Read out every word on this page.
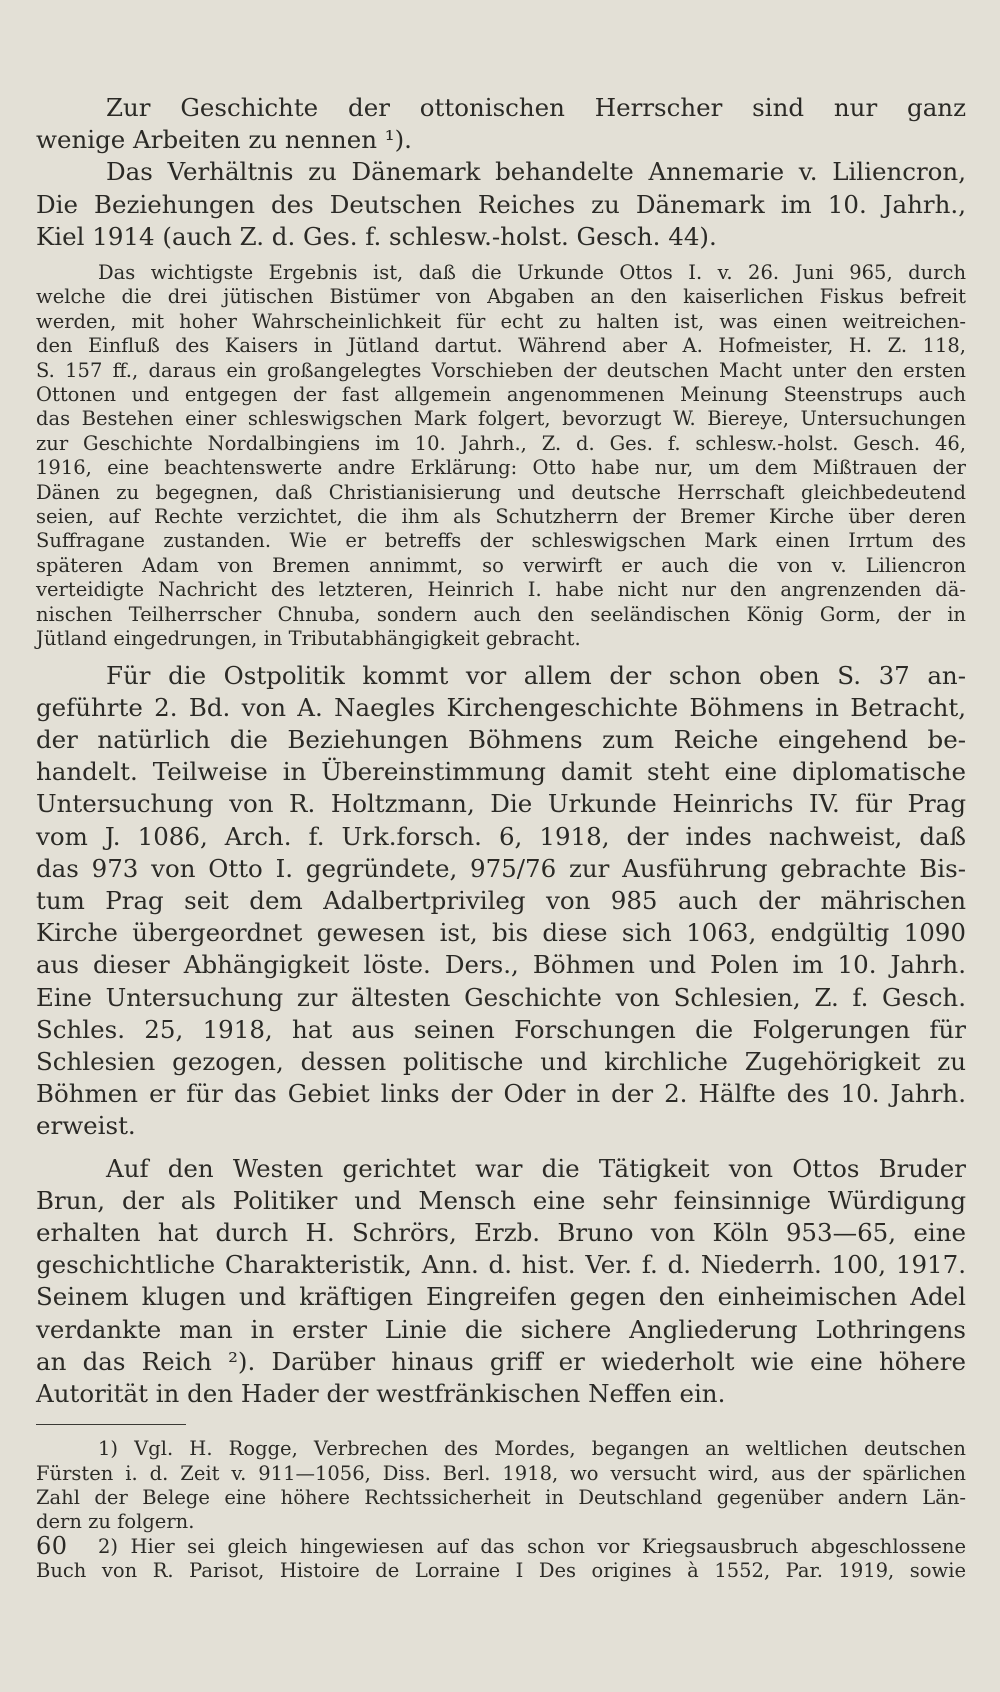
Zur Geschichte der ottonischen Herrscher sind nur ganz
wenige Arbeiten zu nennen ¹).
Das Verhältnis zu Dänemark behandelte Annemarie v. Liliencron,
Die Beziehungen des Deutschen Reiches zu Dänemark im 10. Jahrh.,
Kiel 1914 (auch Z. d. Ges. f. schlesw.-holst. Gesch. 44).
Das wichtigste Ergebnis ist, daß die Urkunde Ottos I. v. 26. Juni 965, durch
welche die drei jütischen Bistümer von Abgaben an den kaiserlichen Fiskus befreit
werden, mit hoher Wahrscheinlichkeit für echt zu halten ist, was einen weitreichen-
den Einfluß des Kaisers in Jütland dartut. Während aber A. Hofmeister, H. Z. 118,
S. 157 ff., daraus ein großangelegtes Vorschieben der deutschen Macht unter den ersten
Ottonen und entgegen der fast allgemein angenommenen Meinung Steenstrups auch
das Bestehen einer schleswigschen Mark folgert, bevorzugt W. Biereye, Untersuchungen
zur Geschichte Nordalbingiens im 10. Jahrh., Z. d. Ges. f. schlesw.-holst. Gesch. 46,
1916, eine beachtenswerte andre Erklärung: Otto habe nur, um dem Mißtrauen der
Dänen zu begegnen, daß Christianisierung und deutsche Herrschaft gleichbedeutend
seien, auf Rechte verzichtet, die ihm als Schutzherrn der Bremer Kirche über deren
Suffragane zustanden. Wie er betreffs der schleswigschen Mark einen Irrtum des
späteren Adam von Bremen annimmt, so verwirft er auch die von v. Liliencron
verteidigte Nachricht des letzteren, Heinrich I. habe nicht nur den angrenzenden dä-
nischen Teilherrscher Chnuba, sondern auch den seeländischen König Gorm, der in
Jütland eingedrungen, in Tributabhängigkeit gebracht.
Für die Ostpolitik kommt vor allem der schon oben S. 37 an-
geführte 2. Bd. von A. Naegles Kirchengeschichte Böhmens in Betracht,
der natürlich die Beziehungen Böhmens zum Reiche eingehend be-
handelt. Teilweise in Übereinstimmung damit steht eine diplomatische
Untersuchung von R. Holtzmann, Die Urkunde Heinrichs IV. für Prag
vom J. 1086, Arch. f. Urk.forsch. 6, 1918, der indes nachweist, daß
das 973 von Otto I. gegründete, 975/76 zur Ausführung gebrachte Bis-
tum Prag seit dem Adalbertprivileg von 985 auch der mährischen
Kirche übergeordnet gewesen ist, bis diese sich 1063, endgültig 1090
aus dieser Abhängigkeit löste. Ders., Böhmen und Polen im 10. Jahrh.
Eine Untersuchung zur ältesten Geschichte von Schlesien, Z. f. Gesch.
Schles. 25, 1918, hat aus seinen Forschungen die Folgerungen für
Schlesien gezogen, dessen politische und kirchliche Zugehörigkeit zu
Böhmen er für das Gebiet links der Oder in der 2. Hälfte des 10. Jahrh.
erweist.
Auf den Westen gerichtet war die Tätigkeit von Ottos Bruder
Brun, der als Politiker und Mensch eine sehr feinsinnige Würdigung
erhalten hat durch H. Schrörs, Erzb. Bruno von Köln 953—65, eine
geschichtliche Charakteristik, Ann. d. hist. Ver. f. d. Niederrh. 100, 1917.
Seinem klugen und kräftigen Eingreifen gegen den einheimischen Adel
verdankte man in erster Linie die sichere Angliederung Lothringens
an das Reich ²). Darüber hinaus griff er wiederholt wie eine höhere
Autorität in den Hader der westfränkischen Neffen ein.
1) Vgl. H. Rogge, Verbrechen des Mordes, begangen an weltlichen deutschen
Fürsten i. d. Zeit v. 911—1056, Diss. Berl. 1918, wo versucht wird, aus der spärlichen
Zahl der Belege eine höhere Rechtssicherheit in Deutschland gegenüber andern Län-
dern zu folgern.
2) Hier sei gleich hingewiesen auf das schon vor Kriegsausbruch abgeschlossene
Buch von R. Parisot, Histoire de Lorraine I Des origines à 1552, Par. 1919, sowie
60
